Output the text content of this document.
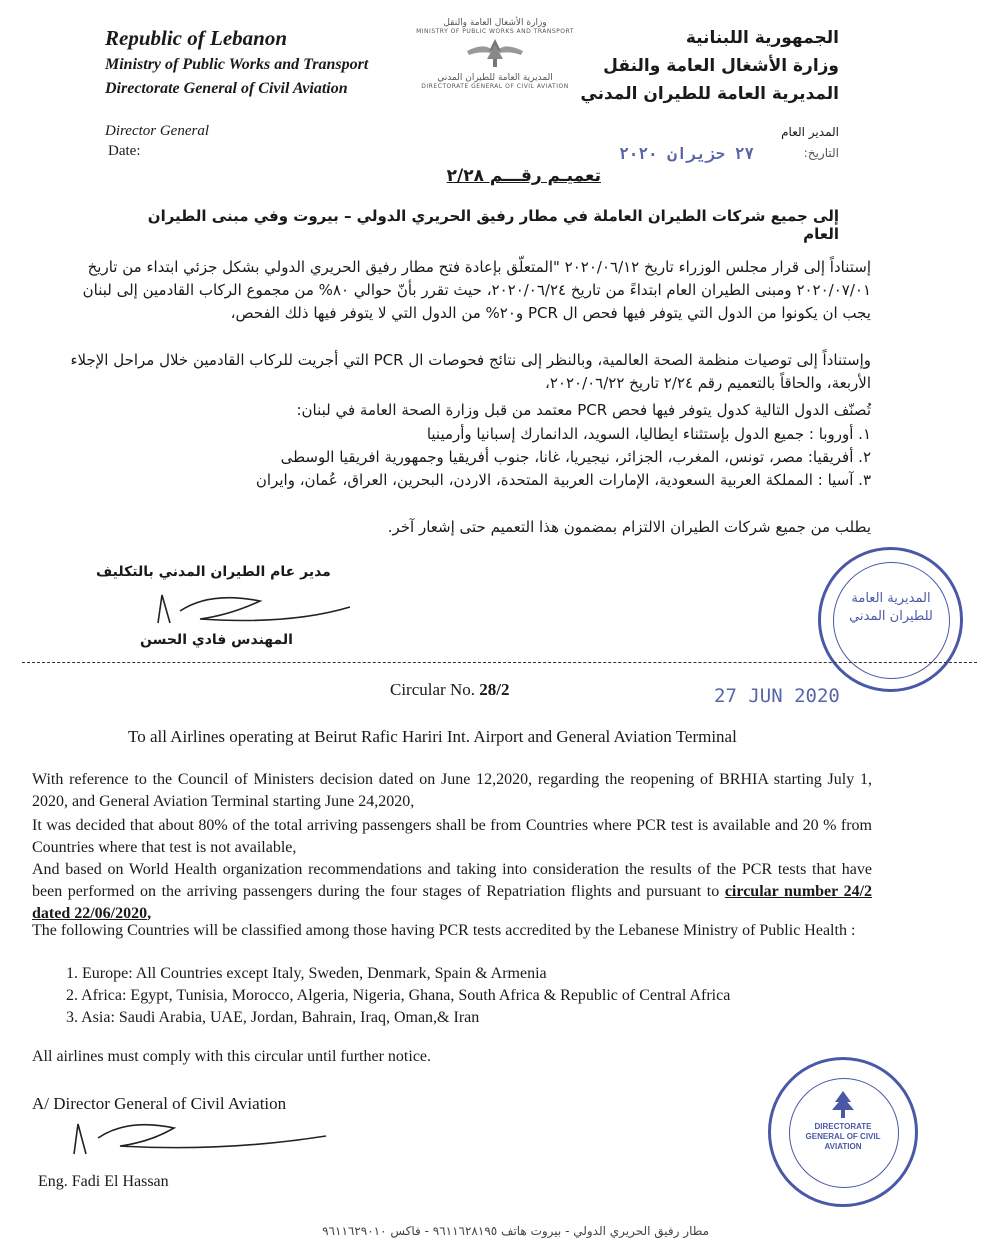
Republic of Lebanon
Ministry of Public Works and Transport
Directorate General of Civil Aviation
الجمهورية اللبنانية
وزارة الأشغال العامة والنقل
المديرية العامة للطيران المدني
وزارة الأشغال العامة والنقل
MINISTRY OF PUBLIC WORKS AND TRANSPORT
المديرية العامة للطيران المدني
DIRECTORATE GENERAL OF CIVIL AVIATION
Director General
Date:
المدير العام
التاريخ:
٢٧ حزيران ٢٠٢٠
تعميـم رقـــم ٢/٢٨
إلى جميع شركات الطيران العاملة في مطار رفيق الحريري الدولي – بيروت وفي مبنى الطيران العام
إستناداً إلى قرار مجلس الوزراء تاريخ ٢٠٢٠/٠٦/١٢ "المتعلّق بإعادة فتح مطار رفيق الحريري الدولي بشكل جزئي ابتداء من تاريخ ٢٠٢٠/٠٧/٠١ ومبنى الطيران العام ابتداءً من تاريخ ٢٠٢٠/٠٦/٢٤، حيث تقرر بأنّ حوالي ٨٠% من مجموع الركاب القادمين إلى لبنان يجب ان يكونوا من الدول التي يتوفر فيها فحص ال PCR و٢٠% من الدول التي لا يتوفر فيها ذلك الفحص،
وإستناداً إلى توصيات منظمة الصحة العالمية، وبالنظر إلى نتائج فحوصات ال PCR التي أجريت للركاب القادمين خلال مراحل الإجلاء الأربعة، والحاقاً بالتعميم رقم ٢/٢٤ تاريخ ٢٠٢٠/٠٦/٢٢،
تُصنّف الدول التالية كدول يتوفر فيها فحص PCR معتمد من قبل وزارة الصحة العامة في لبنان:
١. أوروبا : جميع الدول بإستثناء ايطاليا، السويد، الدانمارك إسبانيا وأرمينيا
٢. أفريقيا: مصر، تونس، المغرب، الجزائر، نيجيريا، غانا، جنوب أفريقيا وجمهورية افريقيا الوسطى
٣. آسيا : المملكة العربية السعودية، الإمارات العربية المتحدة، الاردن، البحرين، العراق، عُمان، وايران
يطلب من جميع شركات الطيران الالتزام بمضمون هذا التعميم حتى إشعار آخر.
مدير عام الطيران المدني بالتكليف
المهندس فادي الحسن
المديرية العامة للطيران المدني
Circular No. 28/2	27 JUN 2020
To all Airlines operating at Beirut Rafic Hariri Int. Airport and General Aviation Terminal
With reference to the Council of Ministers decision dated on June 12,2020, regarding the reopening of BRHIA starting July 1, 2020, and General Aviation Terminal starting June 24,2020,
It was decided that about 80% of the total arriving passengers shall be from Countries where PCR test is available and 20 % from Countries where that test is not available,
And based on World Health organization recommendations and taking into consideration the results of the PCR tests that have been performed on the arriving passengers during the four stages of Repatriation flights and pursuant to circular number 24/2 dated 22/06/2020,
The following Countries will be classified among those having PCR tests accredited by the Lebanese Ministry of Public Health :
1. Europe: All Countries except Italy, Sweden, Denmark, Spain & Armenia
2. Africa: Egypt, Tunisia, Morocco, Algeria, Nigeria, Ghana, South Africa & Republic of Central Africa
3. Asia: Saudi Arabia, UAE, Jordan, Bahrain, Iraq, Oman,& Iran
All airlines must comply with this circular until further notice.
A/ Director General of Civil Aviation
Eng. Fadi El Hassan
DIRECTORATE GENERAL OF CIVIL AVIATION
مطار رفيق الحريري الدولي - بيروت هاتف ٩٦١١٦٢٨١٩٥ - فاكس ٩٦١١٦٢٩٠١٠
